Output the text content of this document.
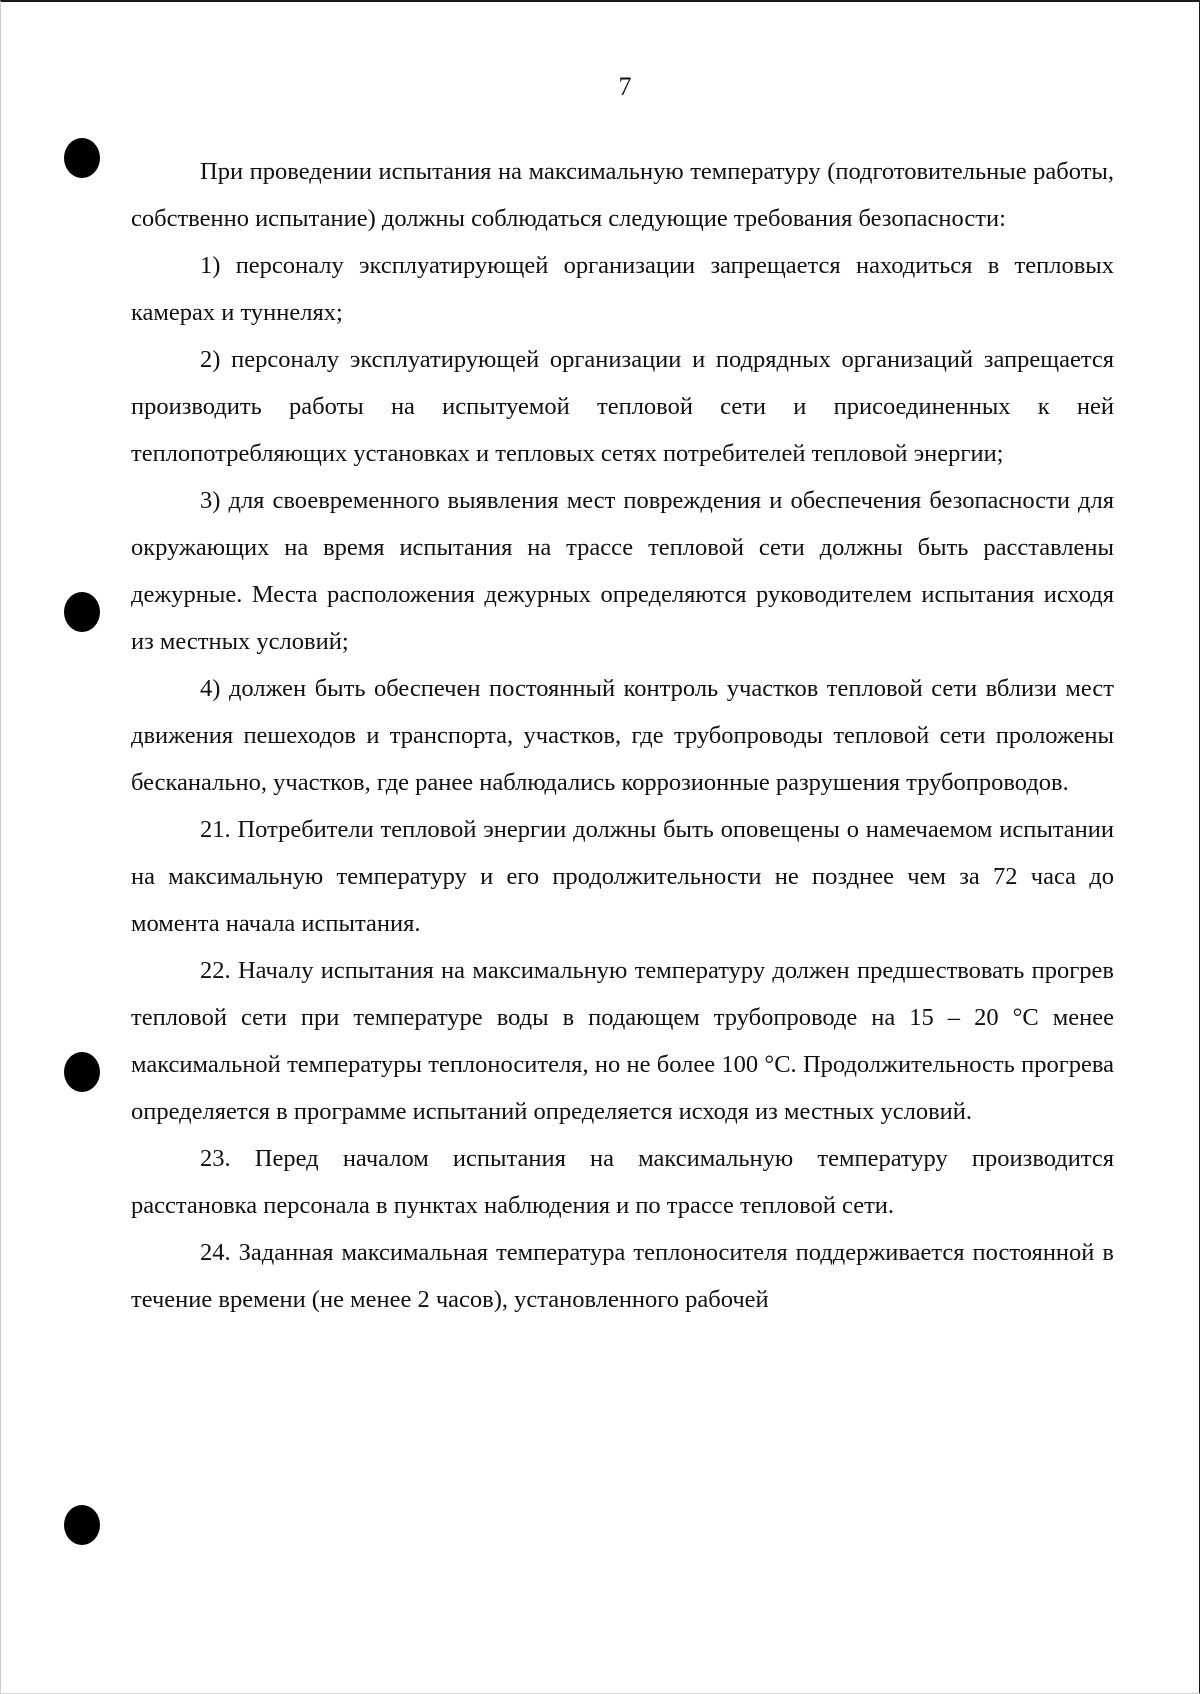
7

При проведении испытания на максимальную температуру (подготовительные работы, собственно испытание) должны соблюдаться следующие требования безопасности:

1) персоналу эксплуатирующей организации запрещается находиться в тепловых камерах и туннелях;

2) персоналу эксплуатирующей организации и подрядных организаций запрещается производить работы на испытуемой тепловой сети и присоединенных к ней теплопотребляющих установках и тепловых сетях потребителей тепловой энергии;

3) для своевременного выявления мест повреждения и обеспечения безопасности для окружающих на время испытания на трассе тепловой сети должны быть расставлены дежурные. Места расположения дежурных определяются руководителем испытания исходя из местных условий;

4) должен быть обеспечен постоянный контроль участков тепловой сети вблизи мест движения пешеходов и транспорта, участков, где трубопроводы тепловой сети проложены бесканально, участков, где ранее наблюдались коррозионные разрушения трубопроводов.

21. Потребители тепловой энергии должны быть оповещены о намечаемом испытании на максимальную температуру и его продолжительности не позднее чем за 72 часа до момента начала испытания.

22. Началу испытания на максимальную температуру должен предшествовать прогрев тепловой сети при температуре воды в подающем трубопроводе на 15 – 20 °С менее максимальной температуры теплоносителя, но не более 100 °С. Продолжительность прогрева определяется в программе испытаний определяется исходя из местных условий.

23. Перед началом испытания на максимальную температуру производится расстановка персонала в пунктах наблюдения и по трассе тепловой сети.

24. Заданная максимальная температура теплоносителя поддерживается постоянной в течение времени (не менее 2 часов), установленного рабочей
